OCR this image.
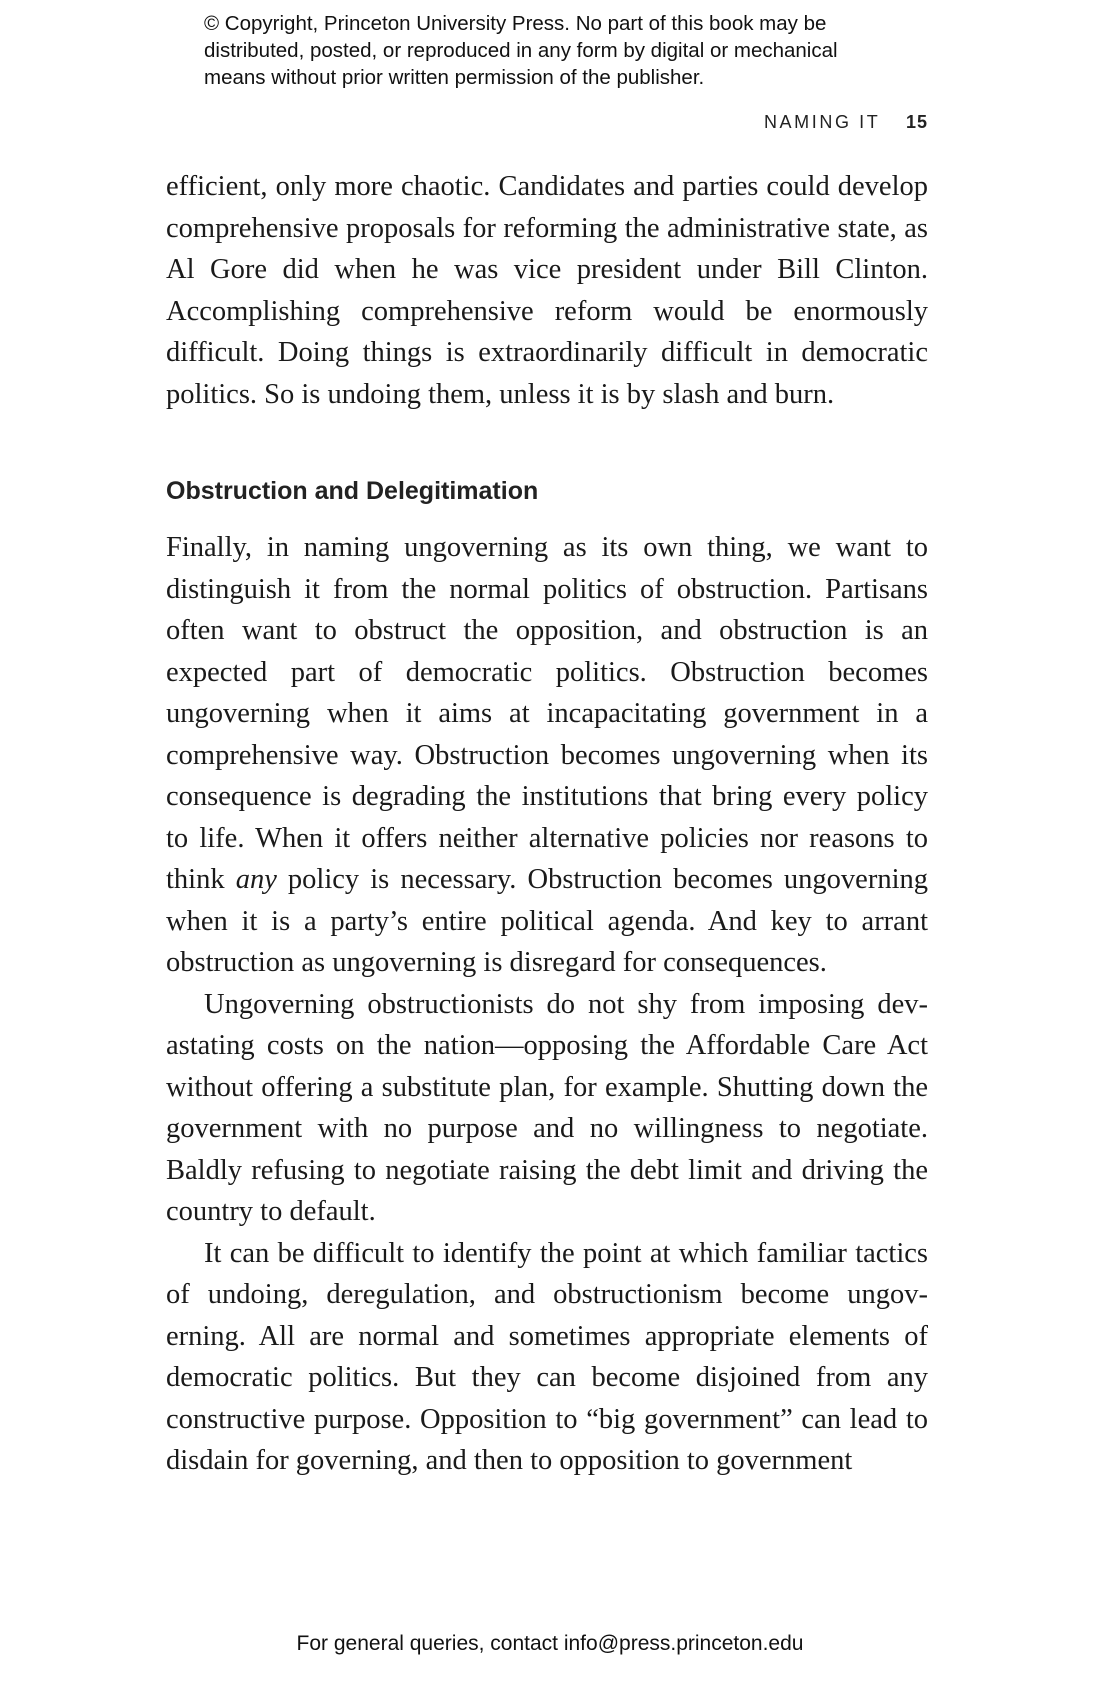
© Copyright, Princeton University Press. No part of this book may be
distributed, posted, or reproduced in any form by digital or mechanical
means without prior written permission of the publisher.
NAMING IT 15

efficient, only more chaotic. Candidates and parties could develop comprehensive proposals for reforming the administrative state, as Al Gore did when he was vice president under Bill Clinton. Accomplishing comprehensive reform would be enormously difficult. Doing things is extraordinarily difficult in democratic politics. So is undoing them, unless it is by slash and burn.

Obstruction and Delegitimation

Finally, in naming ungoverning as its own thing, we want to distinguish it from the normal politics of obstruction. Partisans often want to obstruct the opposition, and obstruction is an expected part of democratic politics. Obstruction becomes ungoverning when it aims at incapacitating government in a comprehensive way. Obstruction becomes ungoverning when its consequence is degrading the institutions that bring every policy to life. When it offers neither alternative policies nor reasons to think any policy is necessary. Obstruction becomes ungoverning when it is a party’s entire political agenda. And key to arrant obstruction as ungoverning is disregard for consequences.

Ungoverning obstructionists do not shy from imposing devastating costs on the nation—opposing the Affordable Care Act without offering a substitute plan, for example. Shutting down the government with no purpose and no willingness to negotiate. Baldly refusing to negotiate raising the debt limit and driving the country to default.

It can be difficult to identify the point at which familiar tactics of undoing, deregulation, and obstructionism become ungoverning. All are normal and sometimes appropriate elements of democratic politics. But they can become disjoined from any constructive purpose. Opposition to “big government” can lead to disdain for governing, and then to opposition to government

For general queries, contact info@press.princeton.edu
